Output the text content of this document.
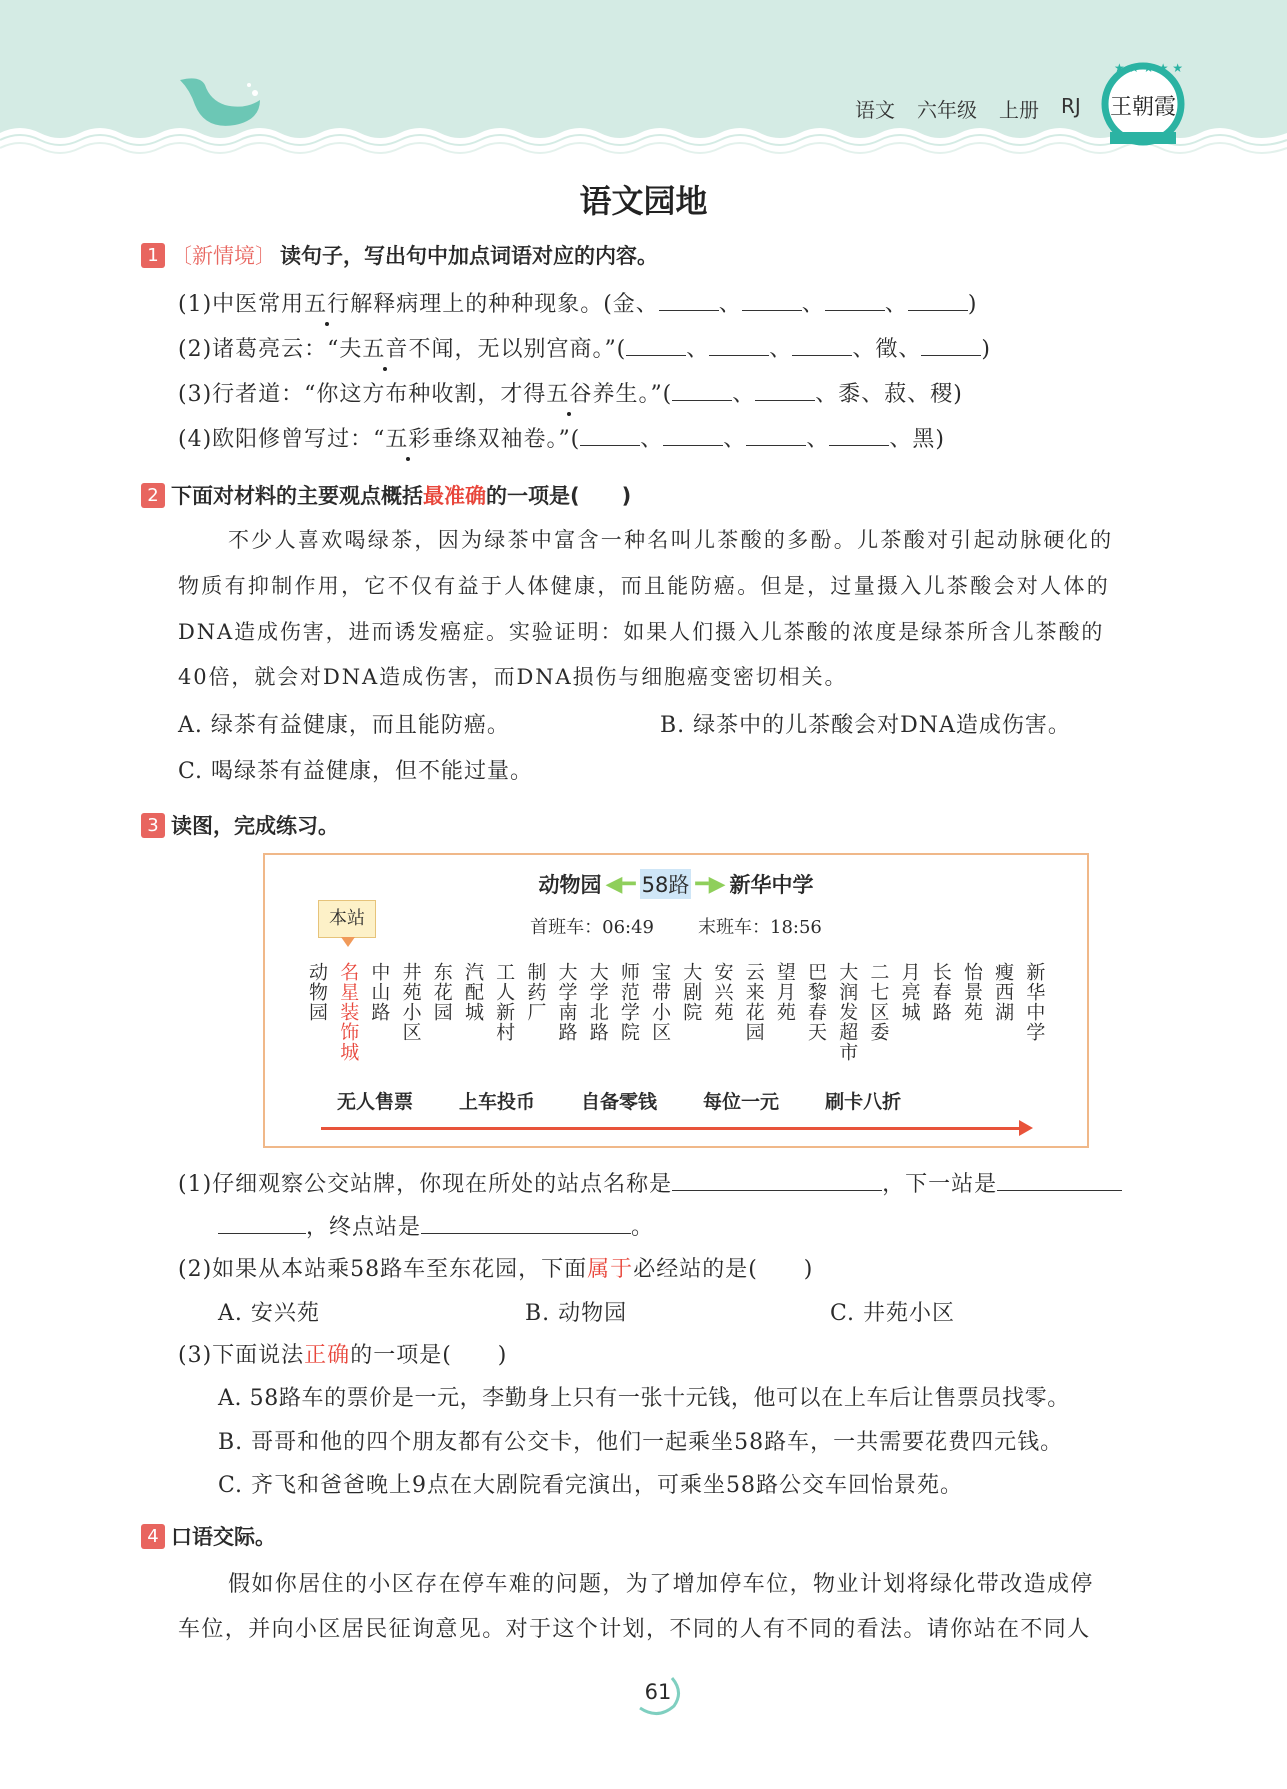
语文 六年级 上册 RJ 王朝霞
★ ★ ★ ★ ★
语文园地
1 〔新情境〕 读句子，写出句中加点词语对应的内容。
(1)中医常用五行解释病理上的种种现象。(金、	、	、	、	)
(2)诸葛亮云：“夫五音不闻，无以别宫商。”(	、	、	、徵、	)
(3)行者道：“你这方布种收割，才得五谷养生。”(	、	、黍、菽、稷)
(4)欧阳修曾写过：“五彩垂绦双袖卷。”(	、	、	、	、黑)
2 下面对材料的主要观点概括 最准确 的一项是(　　)
不少人喜欢喝绿茶，因为绿茶中富含一种名叫儿茶酸的多酚。儿茶酸对引起动脉硬化的
物质有抑制作用，它不仅有益于人体健康，而且能防癌。但是，过量摄入儿茶酸会对人体的
DNA造成伤害，进而诱发癌症。实验证明：如果人们摄入儿茶酸的浓度是绿茶所含儿茶酸的
40倍，就会对DNA造成伤害，而DNA损伤与细胞癌变密切相关。
A. 绿茶有益健康，而且能防癌。	B. 绿茶中的儿茶酸会对DNA造成伤害。
C. 喝绿茶有益健康，但不能过量。
3 读图，完成练习。
动物园 ◀━ 58路 ━▶ 新华中学
首班车：06:49 末班车：18:56
本站
动物园 名星装饰城 中山路 井苑小区 东花园 汽配城 工人新村 制药厂 大学南路 大学北路 师范学院 宝带小区 大剧院 安兴苑 云来花园 望月苑 巴黎春天 大润发超市 二七区委 月亮城 长春路 怡景苑 瘦西湖 新华中学
无人售票 上车投币 自备零钱 每位一元 刷卡八折
(1)仔细观察公交站牌，你现在所处的站点名称是	，下一站是
，终点站是	。
(2)如果从本站乘58路车至东花园，下面属于必经站的是(　　)
A. 安兴苑	B. 动物园	C. 井苑小区
(3)下面说法正确的一项是(　　)
A. 58路车的票价是一元，李勤身上只有一张十元钱，他可以在上车后让售票员找零。
B. 哥哥和他的四个朋友都有公交卡，他们一起乘坐58路车，一共需要花费四元钱。
C. 齐飞和爸爸晚上9点在大剧院看完演出，可乘坐58路公交车回怡景苑。
4 口语交际。
假如你居住的小区存在停车难的问题，为了增加停车位，物业计划将绿化带改造成停
车位，并向小区居民征询意见。对于这个计划，不同的人有不同的看法。请你站在不同人
61
